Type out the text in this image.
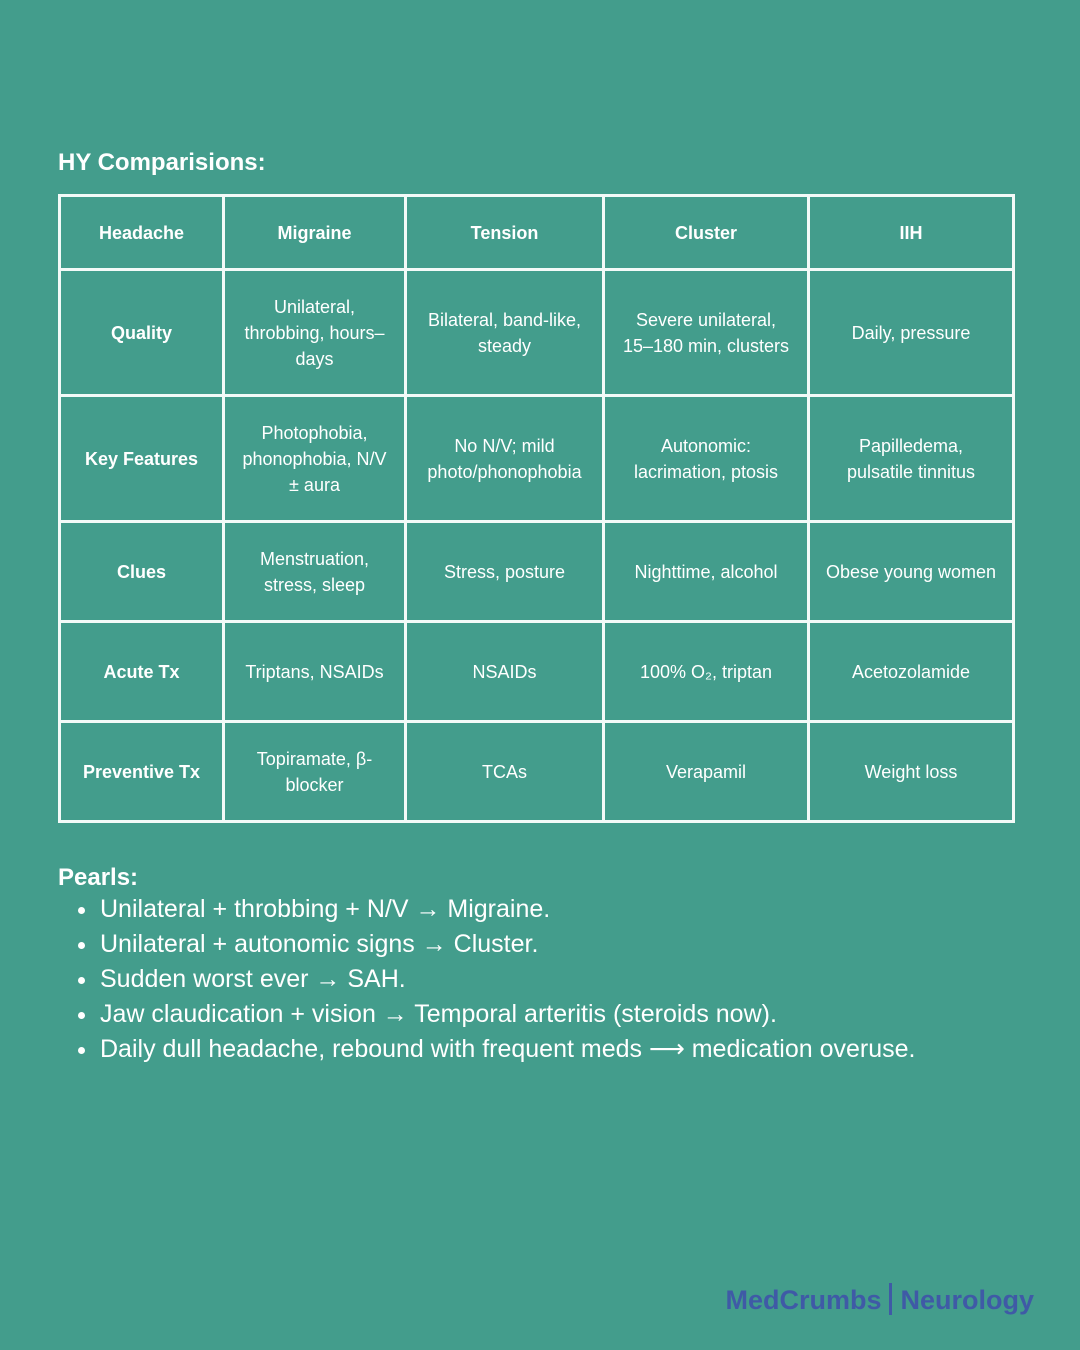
HY Comparisions:
Headache	Migraine	Tension	Cluster	IIH
Quality	Unilateral, throbbing, hours–days	Bilateral, band-like, steady	Severe unilateral, 15–180 min, clusters	Daily, pressure
Key Features	Photophobia, phonophobia, N/V ± aura	No N/V; mild photo/phonophobia	Autonomic: lacrimation, ptosis	Papilledema, pulsatile tinnitus
Clues	Menstruation, stress, sleep	Stress, posture	Nighttime, alcohol	Obese young women
Acute Tx	Triptans, NSAIDs	NSAIDs	100% O₂, triptan	Acetozolamide
Preventive Tx	Topiramate, β-blocker	TCAs	Verapamil	Weight loss
Pearls:
Unilateral + throbbing + N/V → Migraine.
Unilateral + autonomic signs → Cluster.
Sudden worst ever → SAH.
Jaw claudication + vision → Temporal arteritis (steroids now).
Daily dull headache, rebound with frequent meds ⟶ medication overuse.
MedCrumbs Neurology
